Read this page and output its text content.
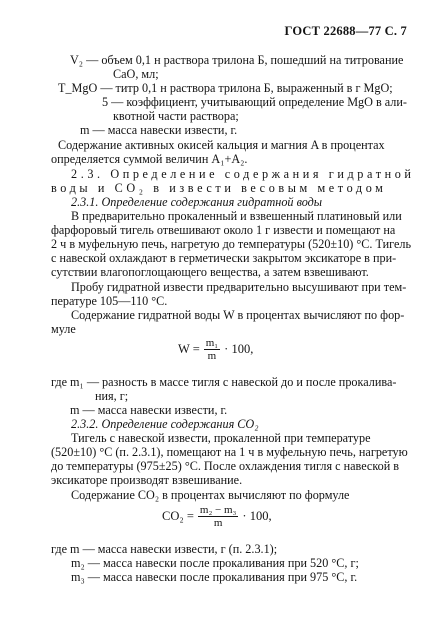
ГОСТ 22688—77 С. 7
V₂ — объем 0,1 н раствора трилона Б, пошедший на титрование
CaO, мл;
T_MgO — титр 0,1 н раствора трилона Б, выраженный в г MgO;
5 — коэффициент, учитывающий определение MgO в али-
квотной части раствора;
m — масса навески извести, г.
Содержание активных окисей кальция и магния A в процентах
определяется суммой величин A₁+A₂.
2.3. Определение содержания гидратной
воды и CO₂ в извести весовым методом
2.3.1. Определение содержания гидратной воды
В предварительно прокаленный и взвешенный платиновый или
фарфоровый тигель отвешивают около 1 г извести и помещают на
2 ч в муфельную печь, нагретую до температуры (520±10) °С. Тигель
с навеской охлаждают в герметически закрытом эксикаторе в при-
сутствии влагопоглощающего вещества, а затем взвешивают.
Пробу гидратной извести предварительно высушивают при тем-
пературе 105—110 °С.
Содержание гидратной воды W в процентах вычисляют по фор-
муле
$W = \frac{\text{m₁}}{m} \cdot 100$,
где m₁ — разность в массе тигля с навеской до и после прокалива-
ния, г;
m — масса навески извести, г.
2.3.2. Определение содержания CO₂
Тигель с навеской извести, прокаленной при температуре
(520±10) °С (п. 2.3.1), помещают на 1 ч в муфельную печь, нагретую
до температуры (975±25) °С. После охлаждения тигля с навеской в
эксикаторе производят взвешивание.
Содержание CO₂ в процентах вычисляют по формуле
$CO_2 = \frac{\text{m₂ − m₃}}{m} \cdot 100$,
где m — масса навески извести, г (п. 2.3.1);
m₂ — масса навески после прокаливания при 520 °С, г;
m₃ — масса навески после прокаливания при 975 °С, г.
